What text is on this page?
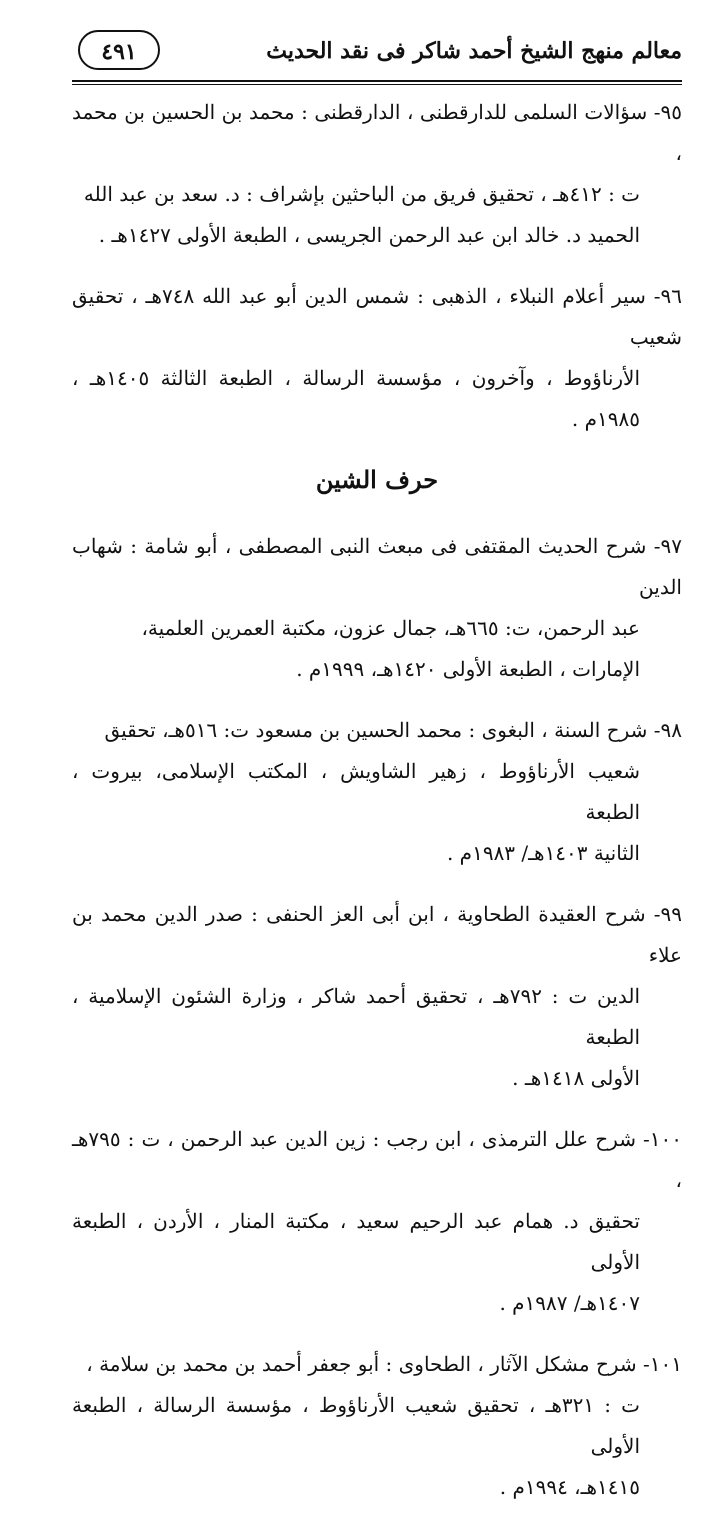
معالم منهج الشيخ أحمد شاكر فى نقد الحديث
٤٩١
٩٥- سؤالات السلمى للدارقطنى ، الدارقطنى : محمد بن الحسين بن محمد ،
ت : ٤١٢هـ ، تحقيق فريق من الباحثين بإشراف : د. سعد بن عبد الله
الحميد د. خالد ابن عبد الرحمن الجريسى ، الطبعة الأولى ١٤٢٧هـ .
٩٦- سير أعلام النبلاء ، الذهبى : شمس الدين أبو عبد الله ٧٤٨هـ ، تحقيق شعيب
الأرناؤوط ، وآخرون ، مؤسسة الرسالة ، الطبعة الثالثة ١٤٠٥هـ ، ١٩٨٥م .
حرف الشين
٩٧- شرح الحديث المقتفى فى مبعث النبى المصطفى ، أبو شامة : شهاب الدين
عبد الرحمن، ت: ٦٦٥هـ، جمال عزون، مكتبة العمرين العلمية،
الإمارات ، الطبعة الأولى ١٤٢٠هـ، ١٩٩٩م .
٩٨- شرح السنة ، البغوى : محمد الحسين بن مسعود ت: ٥١٦هـ، تحقيق
شعيب الأرناؤوط ، زهير الشاويش ، المكتب الإسلامى، بيروت ، الطبعة
الثانية ١٤٠٣هـ/ ١٩٨٣م .
٩٩- شرح العقيدة الطحاوية ، ابن أبى العز الحنفى : صدر الدين محمد بن علاء
الدين ت : ٧٩٢هـ ، تحقيق أحمد شاكر ، وزارة الشئون الإسلامية ، الطبعة
الأولى ١٤١٨هـ .
١٠٠- شرح علل الترمذى ، ابن رجب : زين الدين عبد الرحمن ، ت : ٧٩٥هـ ،
تحقيق د. همام عبد الرحيم سعيد ، مكتبة المنار ، الأردن ، الطبعة الأولى
١٤٠٧هـ/ ١٩٨٧م .
١٠١- شرح مشكل الآثار ، الطحاوى : أبو جعفر أحمد بن محمد بن سلامة ،
ت : ٣٢١هـ ، تحقيق شعيب الأرناؤوط ، مؤسسة الرسالة ، الطبعة الأولى
١٤١٥هـ، ١٩٩٤م .
